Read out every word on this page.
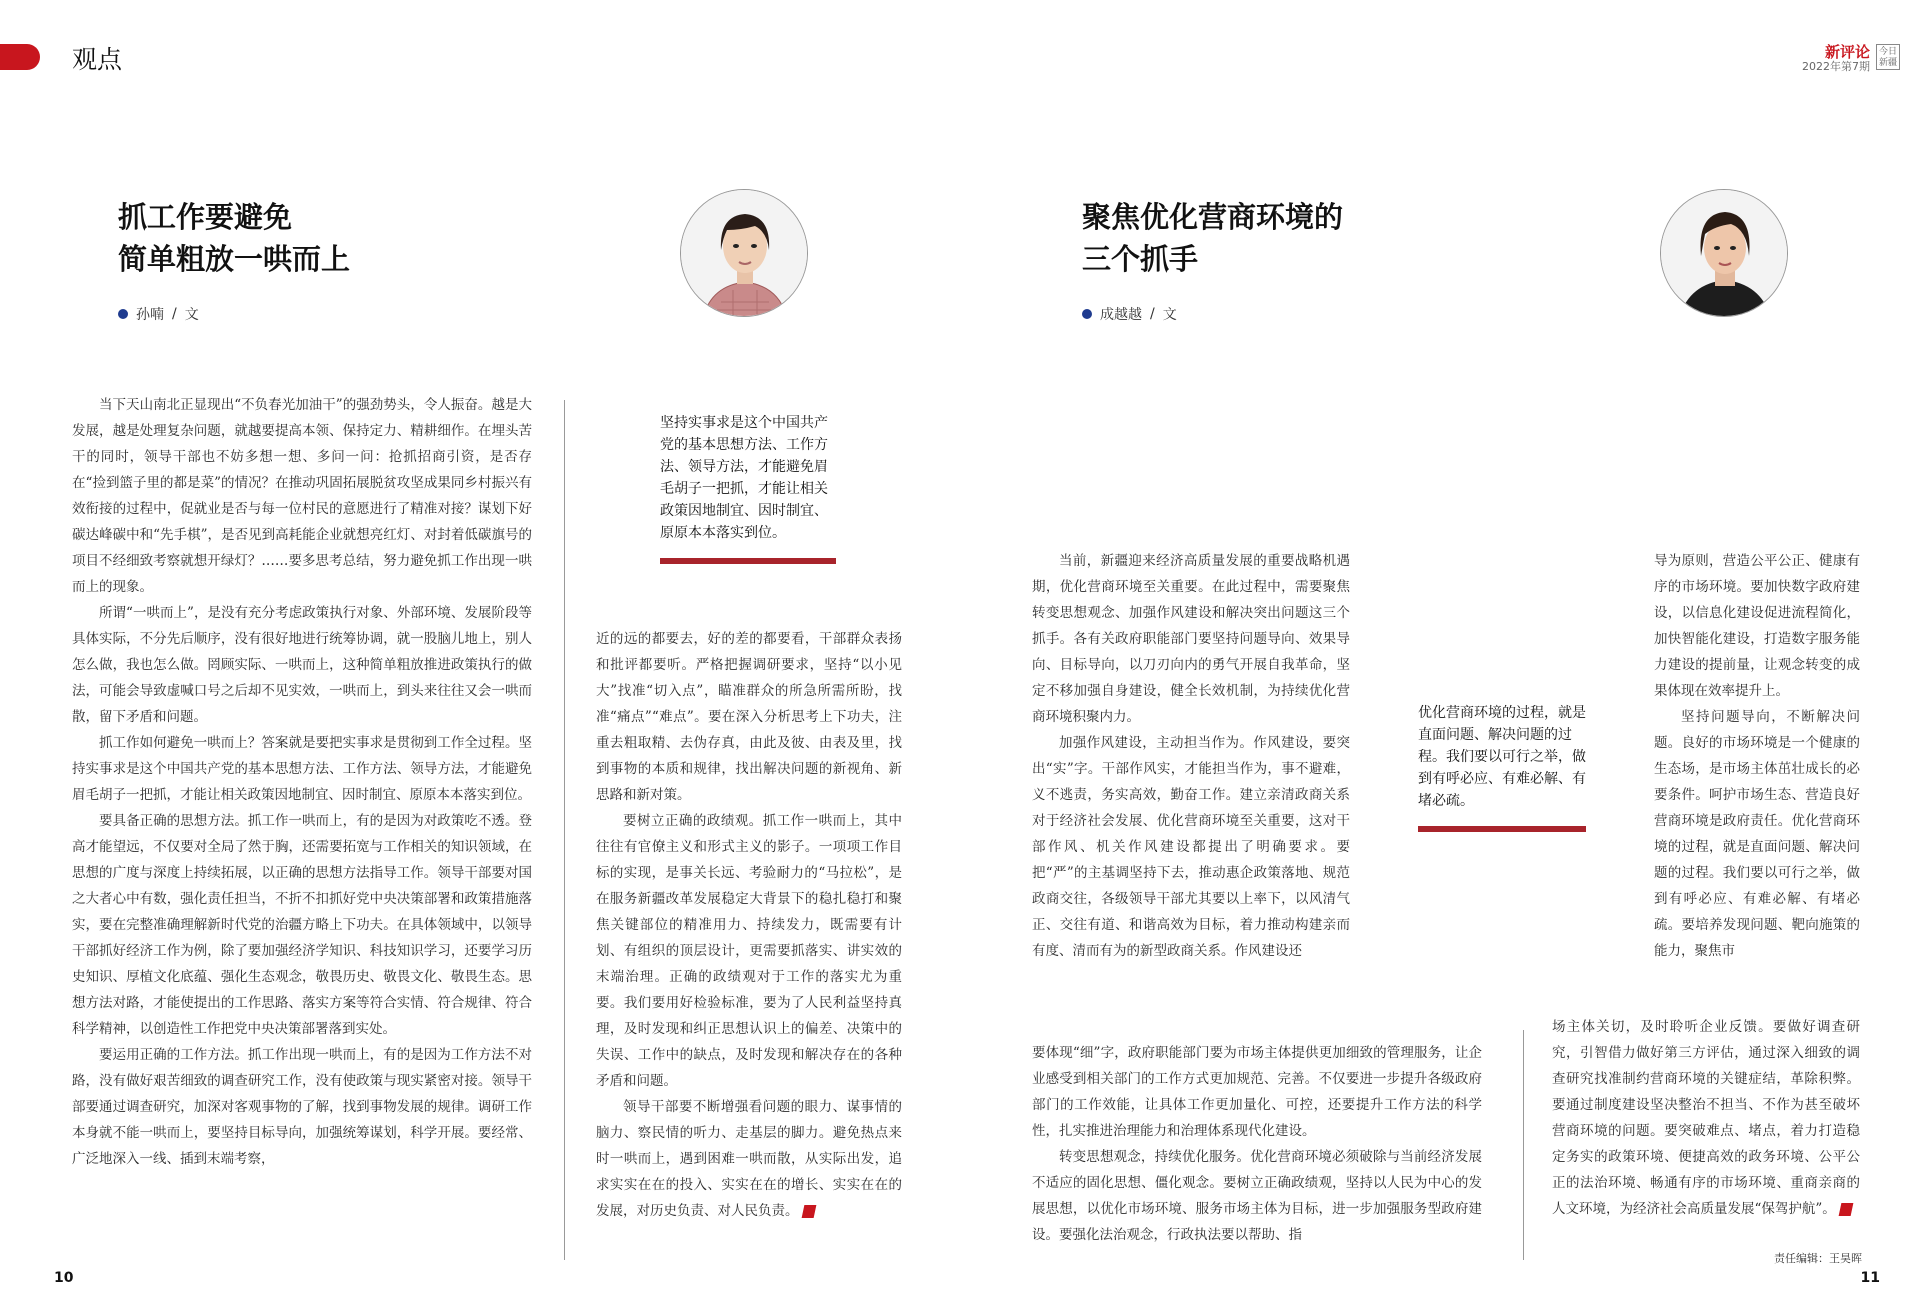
观点	新评论
2022年第7期
今日新疆
抓工作要避免
简单粗放一哄而上
孙喃 / 文
坚持实事求是这个中国共产党的基本思想方法、工作方法、领导方法，才能避免眉毛胡子一把抓，才能让相关政策因地制宜、因时制宜、原原本本落实到位。

当下天山南北正显现出“不负春光加油干”的强劲势头，令人振奋。越是大发展，越是处理复杂问题，就越要提高本领、保持定力、精耕细作。在埋头苦干的同时，领导干部也不妨多想一想、多问一问：抢抓招商引资，是否存在“捡到篮子里的都是菜”的情况？在推动巩固拓展脱贫攻坚成果同乡村振兴有效衔接的过程中，促就业是否与每一位村民的意愿进行了精准对接？谋划下好碳达峰碳中和“先手棋”，是否见到高耗能企业就想亮红灯、对封着低碳旗号的项目不经细致考察就想开绿灯？……要多思考总结，努力避免抓工作出现一哄而上的现象。

所谓“一哄而上”，是没有充分考虑政策执行对象、外部环境、发展阶段等具体实际，不分先后顺序，没有很好地进行统筹协调，就一股脑儿地上，别人怎么做，我也怎么做。罔顾实际、一哄而上，这种简单粗放推进政策执行的做法，可能会导致虚喊口号之后却不见实效，一哄而上，到头来往往又会一哄而散，留下矛盾和问题。

抓工作如何避免一哄而上？答案就是要把实事求是贯彻到工作全过程。坚持实事求是这个中国共产党的基本思想方法、工作方法、领导方法，才能避免眉毛胡子一把抓，才能让相关政策因地制宜、因时制宜、原原本本落实到位。

要具备正确的思想方法。抓工作一哄而上，有的是因为对政策吃不透。登高才能望远，不仅要对全局了然于胸，还需要拓宽与工作相关的知识领域，在思想的广度与深度上持续拓展，以正确的思想方法指导工作。领导干部要对国之大者心中有数，强化责任担当，不折不扣抓好党中央决策部署和政策措施落实，要在完整准确理解新时代党的治疆方略上下功夫。在具体领域中，以领导干部抓好经济工作为例，除了要加强经济学知识、科技知识学习，还要学习历史知识、厚植文化底蕴、强化生态观念，敬畏历史、敬畏文化、敬畏生态。思想方法对路，才能使提出的工作思路、落实方案等符合实情、符合规律、符合科学精神，以创造性工作把党中央决策部署落到实处。

要运用正确的工作方法。抓工作出现一哄而上，有的是因为工作方法不对路，没有做好艰苦细致的调查研究工作，没有使政策与现实紧密对接。领导干部要通过调查研究，加深对客观事物的了解，找到事物发展的规律。调研工作本身就不能一哄而上，要坚持目标导向，加强统筹谋划，科学开展。要经常、广泛地深入一线、插到末端考察，

近的远的都要去，好的差的都要看，干部群众表扬和批评都要听。严格把握调研要求，坚持“以小见大”找准“切入点”，瞄准群众的所急所需所盼，找准“痛点”“难点”。要在深入分析思考上下功夫，注重去粗取精、去伪存真，由此及彼、由表及里，找到事物的本质和规律，找出解决问题的新视角、新思路和新对策。

要树立正确的政绩观。抓工作一哄而上，其中往往有官僚主义和形式主义的影子。一项项工作目标的实现，是事关长远、考验耐力的“马拉松”，是在服务新疆改革发展稳定大背景下的稳扎稳打和聚焦关键部位的精准用力、持续发力，既需要有计划、有组织的顶层设计，更需要抓落实、讲实效的末端治理。正确的政绩观对于工作的落实尤为重要。我们要用好检验标准，要为了人民利益坚持真理，及时发现和纠正思想认识上的偏差、决策中的失误、工作中的缺点，及时发现和解决存在的各种矛盾和问题。

领导干部要不断增强看问题的眼力、谋事情的脑力、察民情的听力、走基层的脚力。避免热点来时一哄而上，遇到困难一哄而散，从实际出发，追求实实在在的投入、实实在在的增长、实实在在的发展，对历史负责、对人民负责。

聚焦优化营商环境的
三个抓手
成越越 / 文

当前，新疆迎来经济高质量发展的重要战略机遇期，优化营商环境至关重要。在此过程中，需要聚焦转变思想观念、加强作风建设和解决突出问题这三个抓手。各有关政府职能部门要坚持问题导向、效果导向、目标导向，以刀刃向内的勇气开展自我革命，坚定不移加强自身建设，健全长效机制，为持续优化营商环境积聚内力。

加强作风建设，主动担当作为。作风建设，要突出“实”字。干部作风实，才能担当作为，事不避难，义不逃责，务实高效，勤奋工作。建立亲清政商关系对于经济社会发展、优化营商环境至关重要，这对干部作风、机关作风建设都提出了明确要求。要把“严”的主基调坚持下去，推动惠企政策落地、规范政商交往，各级领导干部尤其要以上率下，以风清气正、交往有道、和谐高效为目标，着力推动构建亲而有度、清而有为的新型政商关系。作风建设还

优化营商环境的过程，就是直面问题、解决问题的过程。我们要以可行之举，做到有呼必应、有难必解、有堵必疏。

导为原则，营造公平公正、健康有序的市场环境。要加快数字政府建设，以信息化建设促进流程简化，加快智能化建设，打造数字服务能力建设的提前量，让观念转变的成果体现在效率提升上。

坚持问题导向，不断解决问题。良好的市场环境是一个健康的生态场，是市场主体茁壮成长的必要条件。呵护市场生态、营造良好营商环境是政府责任。优化营商环境的过程，就是直面问题、解决问题的过程。我们要以可行之举，做到有呼必应、有难必解、有堵必疏。要培养发现问题、靶向施策的能力，聚焦市

要体现“细”字，政府职能部门要为市场主体提供更加细致的管理服务，让企业感受到相关部门的工作方式更加规范、完善。不仅要进一步提升各级政府部门的工作效能，让具体工作更加量化、可控，还要提升工作方法的科学性，扎实推进治理能力和治理体系现代化建设。

转变思想观念，持续优化服务。优化营商环境必须破除与当前经济发展不适应的固化思想、僵化观念。要树立正确政绩观，坚持以人民为中心的发展思想，以优化市场环境、服务市场主体为目标，进一步加强服务型政府建设。要强化法治观念，行政执法要以帮助、指

场主体关切，及时聆听企业反馈。要做好调查研究，引智借力做好第三方评估，通过深入细致的调查研究找准制约营商环境的关键症结，革除积弊。要通过制度建设坚决整治不担当、不作为甚至破坏营商环境的问题。要突破难点、堵点，着力打造稳定务实的政策环境、便捷高效的政务环境、公平公正的法治环境、畅通有序的市场环境、重商亲商的人文环境，为经济社会高质量发展“保驾护航”。

10
责任编辑：王昊晖
11
